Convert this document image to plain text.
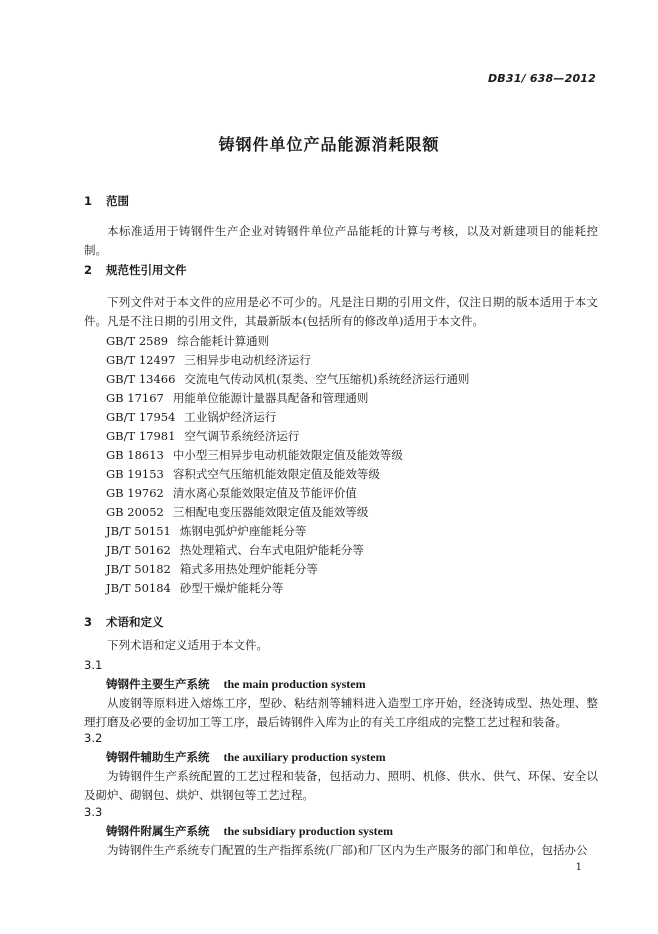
DB31/ 638—2012
铸钢件单位产品能源消耗限额
1 范围
本标准适用于铸钢件生产企业对铸钢件单位产品能耗的计算与考核，以及对新建项目的能耗控制。
2 规范性引用文件
下列文件对于本文件的应用是必不可少的。凡是注日期的引用文件，仅注日期的版本适用于本文件。凡是不注日期的引用文件，其最新版本(包括所有的修改单)适用于本文件。
GB/T 2589 综合能耗计算通则
GB/T 12497 三相异步电动机经济运行
GB/T 13466 交流电气传动风机(泵类、空气压缩机)系统经济运行通则
GB 17167 用能单位能源计量器具配备和管理通则
GB/T 17954 工业锅炉经济运行
GB/T 17981 空气调节系统经济运行
GB 18613 中小型三相异步电动机能效限定值及能效等级
GB 19153 容积式空气压缩机能效限定值及能效等级
GB 19762 清水离心泵能效限定值及节能评价值
GB 20052 三相配电变压器能效限定值及能效等级
JB/T 50151 炼钢电弧炉炉座能耗分等
JB/T 50162 热处理箱式、台车式电阻炉能耗分等
JB/T 50182 箱式多用热处理炉能耗分等
JB/T 50184 砂型干燥炉能耗分等
3 术语和定义
下列术语和定义适用于本文件。
3.1
铸钢件主要生产系统 the main production system
从废钢等原料进入熔炼工序，型砂、粘结剂等辅料进入造型工序开始，经浇铸成型、热处理、整理打磨及必要的金切加工等工序，最后铸钢件入库为止的有关工序组成的完整工艺过程和装备。
3.2
铸钢件辅助生产系统 the auxiliary production system
为铸钢件生产系统配置的工艺过程和装备，包括动力、照明、机修、供水、供气、环保、安全以及砌炉、砌钢包、烘炉、烘钢包等工艺过程。
3.3
铸钢件附属生产系统 the subsidiary production system
为铸钢件生产系统专门配置的生产指挥系统(厂部)和厂区内为生产服务的部门和单位，包括办公
1
